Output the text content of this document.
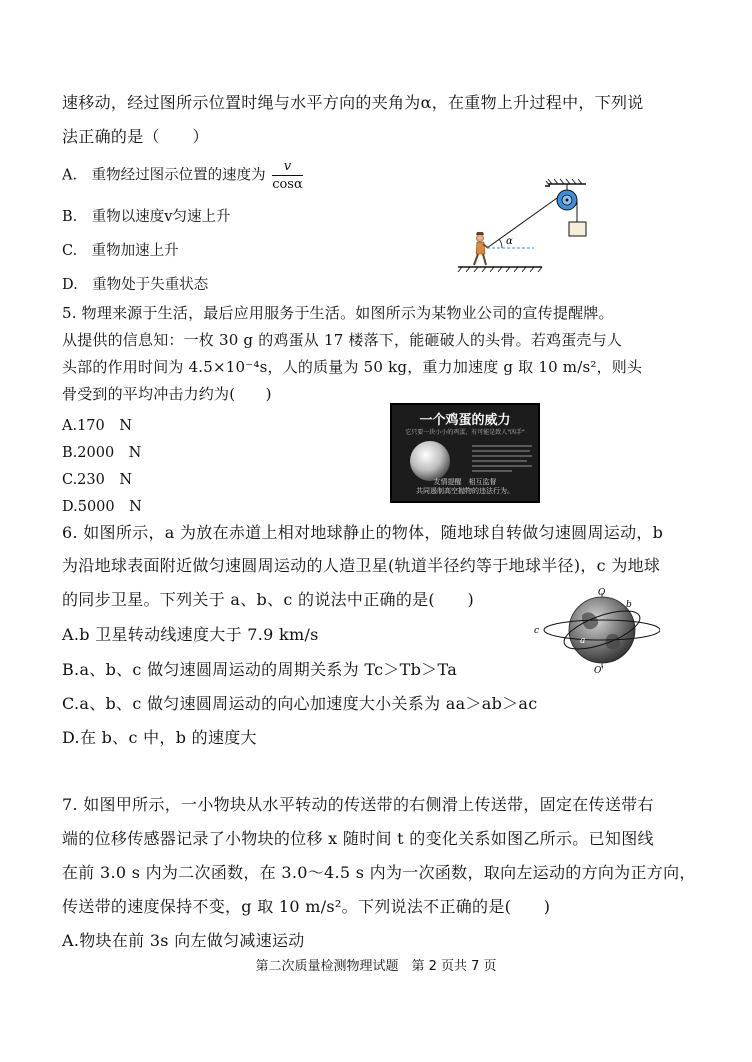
速移动，经过图所示位置时绳与水平方向的夹角为α，在重物上升过程中，下列说
法正确的是（　　）
A.　重物经过图示位置的速度为 $\frac{v}{\cos\alpha}$
B.　重物以速度v匀速上升
C.　重物加速上升
D.　重物处于失重状态
α
5. 物理来源于生活，最后应用服务于生活。如图所示为某物业公司的宣传提醒牌。
从提供的信息知：一枚 30 g 的鸡蛋从 17 楼落下，能砸破人的头骨。若鸡蛋壳与人
头部的作用时间为 4.5×10⁻⁴s，人的质量为 50 kg，重力加速度 g 取 10 m/s²，则头
骨受到的平均冲击力约为(　　)
A.170　N
B.2000　N
C.230　N
D.5000　N
一个鸡蛋的威力
它只要一块小小的鸡蛋，有可能是致人"凶手"
友情提醒　相互监督
共同遏制高空抛物的违法行为。
6. 如图所示，a 为放在赤道上相对地球静止的物体，随地球自转做匀速圆周运动，b
为沿地球表面附近做匀速圆周运动的人造卫星(轨道半径约等于地球半径)，c 为地球
的同步卫星。下列关于 a、b、c 的说法中正确的是(　　)
A.b 卫星转动线速度大于 7.9 km/s
B.a、b、c 做匀速圆周运动的周期关系为 Tc＞Tb＞Ta
C.a、b、c 做匀速圆周运动的向心加速度大小关系为 aa＞ab＞ac
D.在 b、c 中，b 的速度大
O
O'
b
c
a
7. 如图甲所示，一小物块从水平转动的传送带的右侧滑上传送带，固定在传送带右
端的位移传感器记录了小物块的位移 x 随时间 t 的变化关系如图乙所示。已知图线
在前 3.0 s 内为二次函数，在 3.0～4.5 s 内为一次函数，取向左运动的方向为正方向，
传送带的速度保持不变，g 取 10 m/s²。下列说法不正确的是(　　)
A.物块在前 3s 向左做匀减速运动
第二次质量检测物理试题　第 2 页共 7 页
